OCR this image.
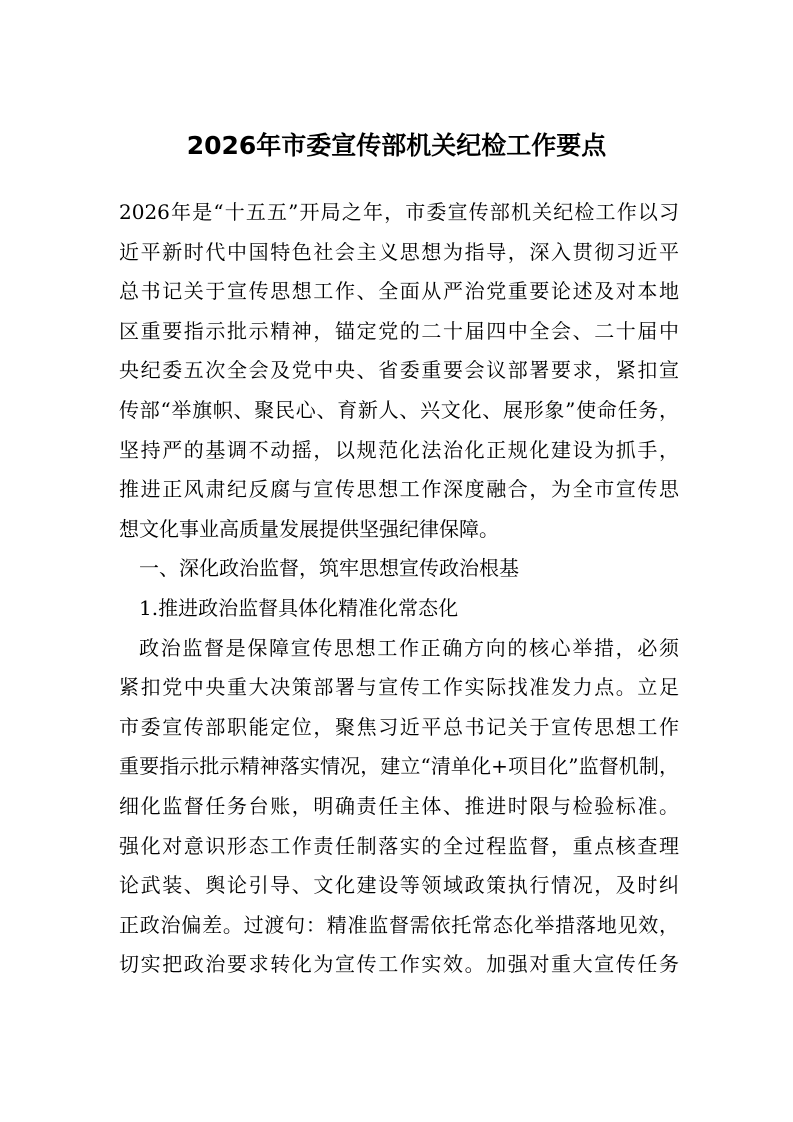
2026年市委宣传部机关纪检工作要点
2026年是“十五五”开局之年，市委宣传部机关纪检工作以习
近平新时代中国特色社会主义思想为指导，深入贯彻习近平
总书记关于宣传思想工作、全面从严治党重要论述及对本地
区重要指示批示精神，锚定党的二十届四中全会、二十届中
央纪委五次全会及党中央、省委重要会议部署要求，紧扣宣
传部“举旗帜、聚民心、育新人、兴文化、展形象”使命任务，
坚持严的基调不动摇，以规范化法治化正规化建设为抓手，
推进正风肃纪反腐与宣传思想工作深度融合，为全市宣传思
想文化事业高质量发展提供坚强纪律保障。
一、深化政治监督，筑牢思想宣传政治根基
1.推进政治监督具体化精准化常态化
政治监督是保障宣传思想工作正确方向的核心举措，必须
紧扣党中央重大决策部署与宣传工作实际找准发力点。立足
市委宣传部职能定位，聚焦习近平总书记关于宣传思想工作
重要指示批示精神落实情况，建立“清单化+项目化”监督机制，
细化监督任务台账，明确责任主体、推进时限与检验标准。
强化对意识形态工作责任制落实的全过程监督，重点核查理
论武装、舆论引导、文化建设等领域政策执行情况，及时纠
正政治偏差。过渡句：精准监督需依托常态化举措落地见效，
切实把政治要求转化为宣传工作实效。加强对重大宣传任务
